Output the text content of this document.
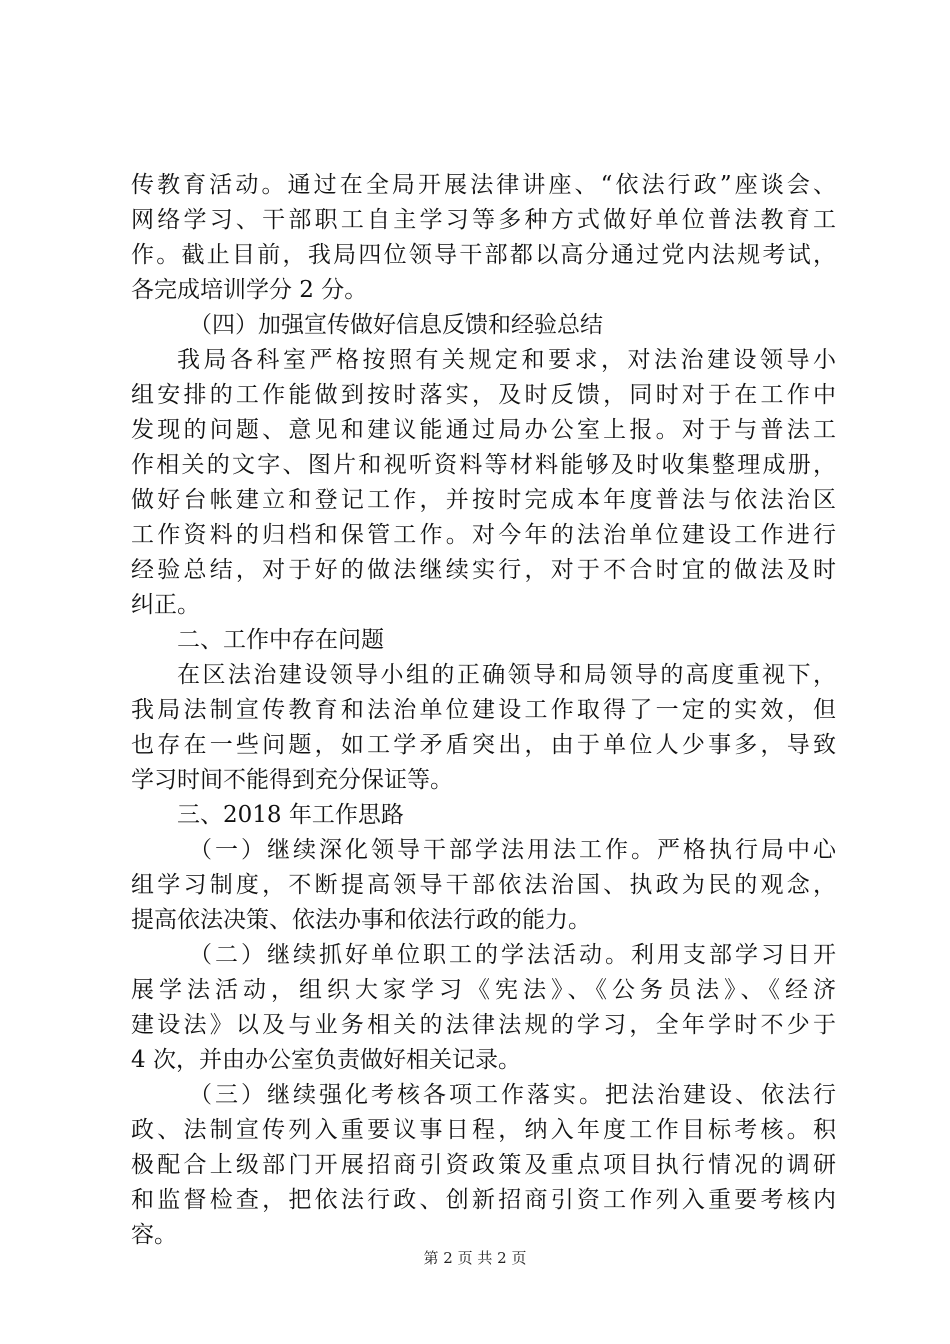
传教育活动。通过在全局开展法律讲座、“依法行政”座谈会、
网络学习、干部职工自主学习等多种方式做好单位普法教育工
作。截止目前，我局四位领导干部都以高分通过党内法规考试，
各完成培训学分 2 分。
（四）加强宣传做好信息反馈和经验总结
我局各科室严格按照有关规定和要求，对法治建设领导小
组安排的工作能做到按时落实，及时反馈，同时对于在工作中
发现的问题、意见和建议能通过局办公室上报。对于与普法工
作相关的文字、图片和视听资料等材料能够及时收集整理成册，
做好台帐建立和登记工作，并按时完成本年度普法与依法治区
工作资料的归档和保管工作。对今年的法治单位建设工作进行
经验总结，对于好的做法继续实行，对于不合时宜的做法及时
纠正。
二、工作中存在问题
在区法治建设领导小组的正确领导和局领导的高度重视下，
我局法制宣传教育和法治单位建设工作取得了一定的实效，但
也存在一些问题，如工学矛盾突出，由于单位人少事多，导致
学习时间不能得到充分保证等。
三、2018 年工作思路
（一）继续深化领导干部学法用法工作。严格执行局中心
组学习制度，不断提高领导干部依法治国、执政为民的观念，
提高依法决策、依法办事和依法行政的能力。
（二）继续抓好单位职工的学法活动。利用支部学习日开
展学法活动，组织大家学习《宪法》、《公务员法》、《经济
建设法》以及与业务相关的法律法规的学习，全年学时不少于
4 次，并由办公室负责做好相关记录。
（三）继续强化考核各项工作落实。把法治建设、依法行
政、法制宣传列入重要议事日程，纳入年度工作目标考核。积
极配合上级部门开展招商引资政策及重点项目执行情况的调研
和监督检查，把依法行政、创新招商引资工作列入重要考核内
容。
第 2 页 共 2 页
